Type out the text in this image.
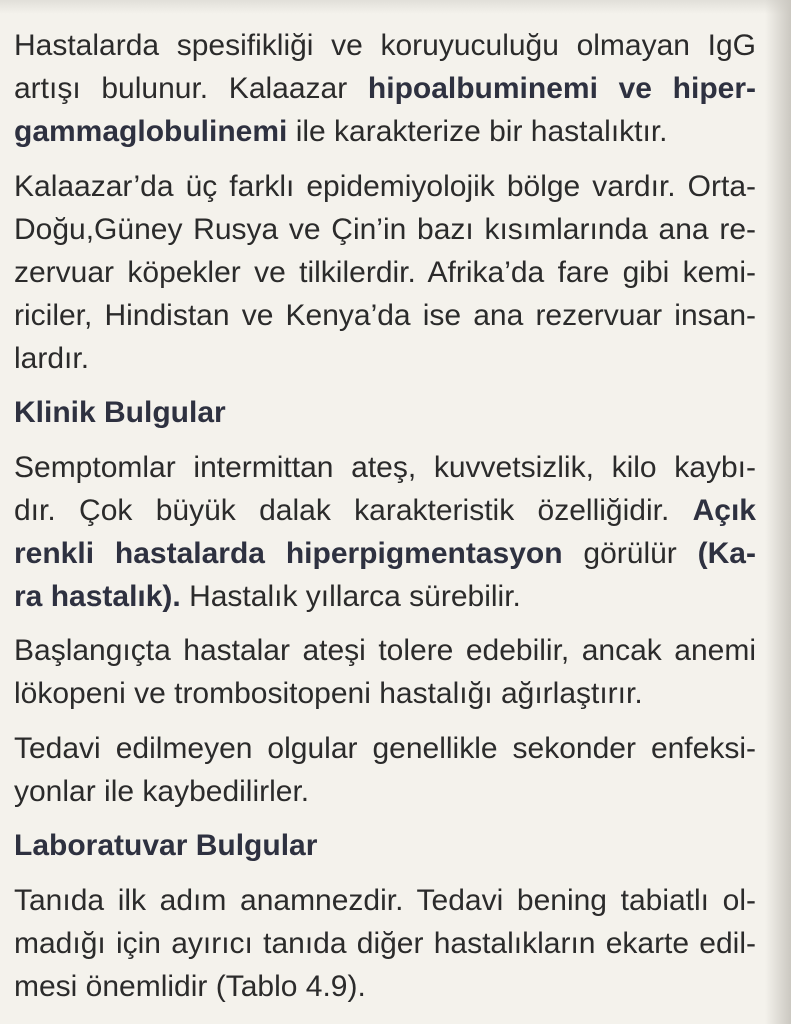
Hastalarda spesifikliği ve koruyuculuğu olmayan IgG
artışı bulunur. Kalaazar hipoalbuminemi ve hiper-
gammaglobulinemi ile karakterize bir hastalıktır.
Kalaazar’da üç farklı epidemiyolojik bölge vardır. Orta-
Doğu,Güney Rusya ve Çin’in bazı kısımlarında ana re-
zervuar köpekler ve tilkilerdir. Afrika’da fare gibi kemi-
riciler, Hindistan ve Kenya’da ise ana rezervuar insan-
lardır.
Klinik Bulgular
Semptomlar intermittan ateş, kuvvetsizlik, kilo kaybı-
dır. Çok büyük dalak karakteristik özelliğidir. Açık
renkli hastalarda hiperpigmentasyon görülür (Ka-
ra hastalık). Hastalık yıllarca sürebilir.
Başlangıçta hastalar ateşi tolere edebilir, ancak anemi
lökopeni ve trombositopeni hastalığı ağırlaştırır.
Tedavi edilmeyen olgular genellikle sekonder enfeksi-
yonlar ile kaybedilirler.
Laboratuvar Bulgular
Tanıda ilk adım anamnezdir. Tedavi bening tabiatlı ol-
madığı için ayırıcı tanıda diğer hastalıkların ekarte edil-
mesi önemlidir (Tablo 4.9).
